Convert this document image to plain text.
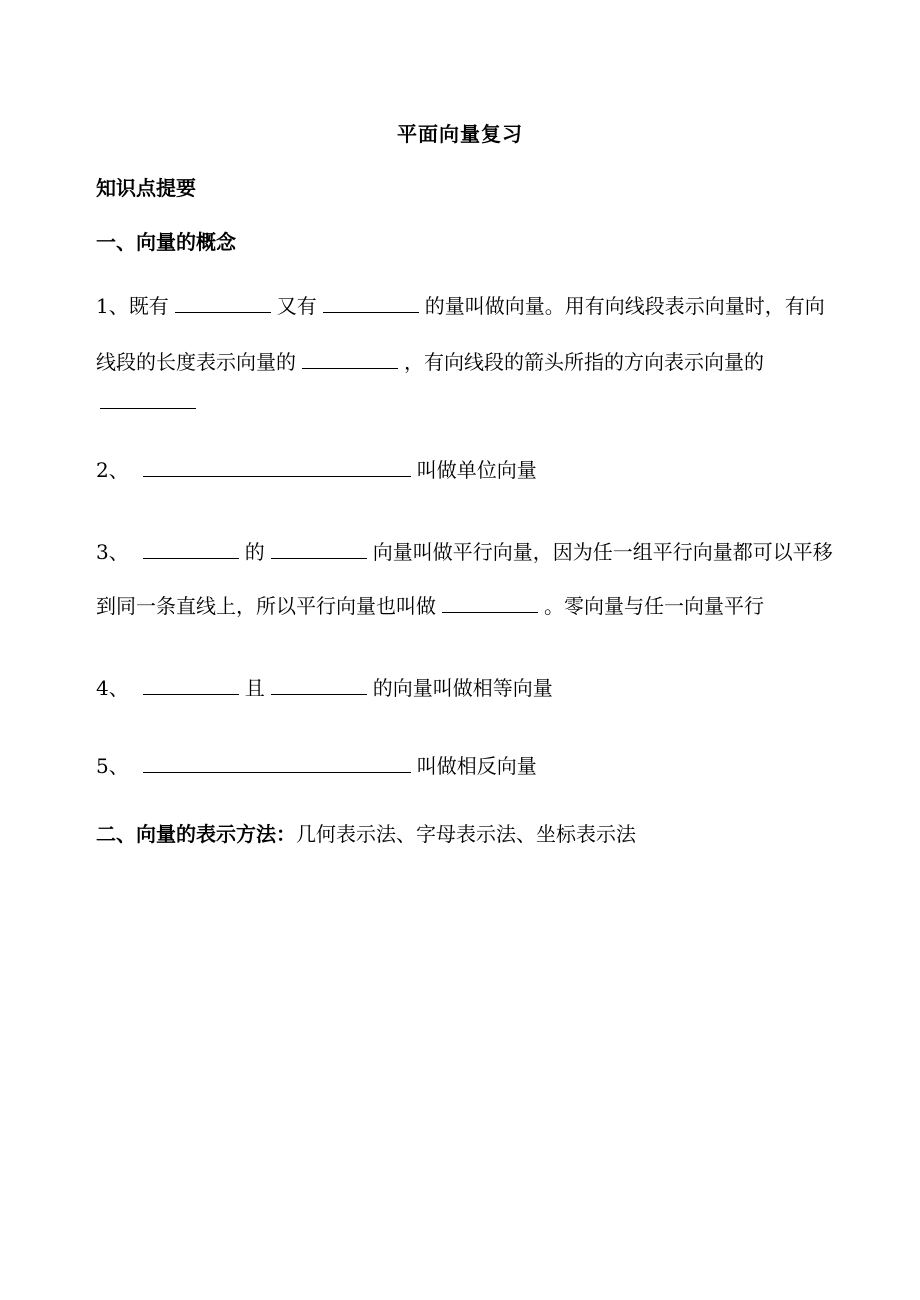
平面向量复习
知识点提要
一、向量的概念
1、既有	又有	的量叫做向量。用有向线段表示向量时，有向
线段的长度表示向量的	，有向线段的箭头所指的方向表示向量的
2、	叫做单位向量
3、	的	向量叫做平行向量，因为任一组平行向量都可以平移
到同一条直线上，所以平行向量也叫做	。零向量与任一向量平行
4、	且	的向量叫做相等向量
5、	叫做相反向量
二、向量的表示方法：几何表示法、字母表示法、坐标表示法
